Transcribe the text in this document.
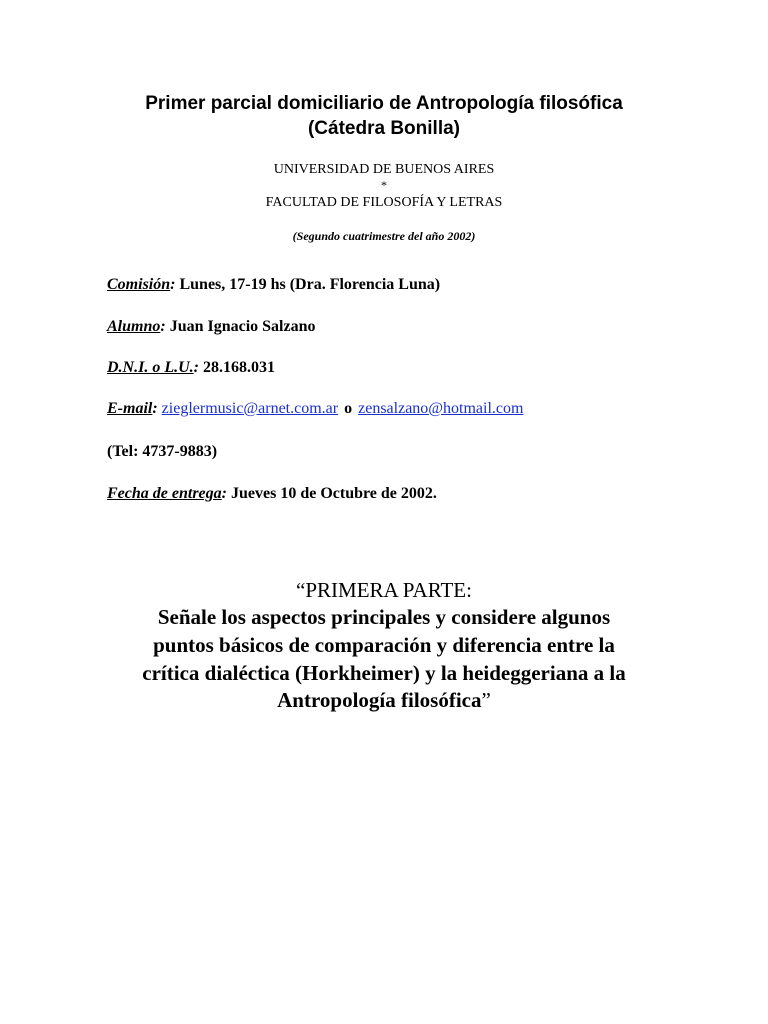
Primer parcial domiciliario de Antropología filosófica
(Cátedra Bonilla)
UNIVERSIDAD DE BUENOS AIRES
*
FACULTAD DE FILOSOFÍA Y LETRAS
(Segundo cuatrimestre del año 2002)
Comisión: Lunes, 17-19 hs (Dra. Florencia Luna)
Alumno: Juan Ignacio Salzano
D.N.I. o L.U.: 28.168.031
E-mail: zieglermusic@arnet.com.ar o zensalzano@hotmail.com
(Tel: 4737-9883)
Fecha de entrega: Jueves 10 de Octubre de 2002.
“PRIMERA PARTE:
Señale los aspectos principales y considere algunos
puntos básicos de comparación y diferencia entre la
crítica dialéctica (Horkheimer) y la heideggeriana a la
Antropología filosófica”
